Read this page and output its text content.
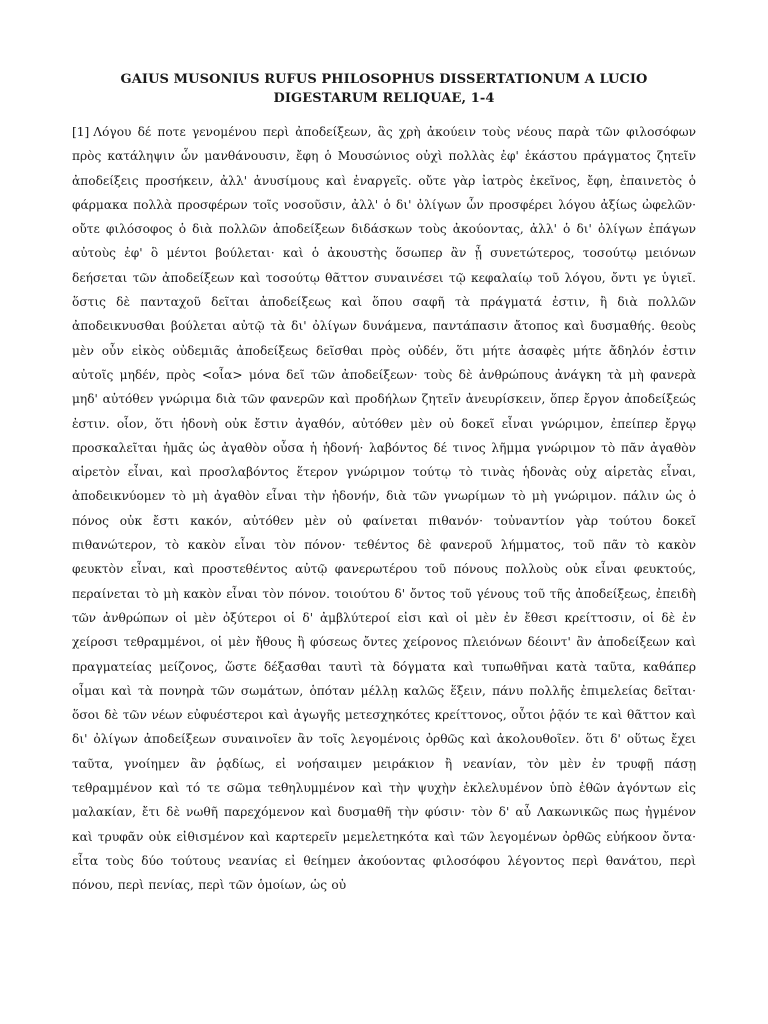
GAIUS MUSONIUS RUFUS PHILOSOPHUS DISSERTATIONUM A LUCIO DIGESTARUM RELIQUAE, 1-4

[1] Λόγου δέ ποτε γενομένου περὶ ἀποδείξεων, ἃς χρὴ ἀκούειν τοὺς νέους παρὰ τῶν φιλοσόφων πρὸς κατάληψιν ὧν μανθάνουσιν, ἔφη ὁ Μουσώνιος οὐχὶ πολλὰς ἐφ' ἑκάστου πράγματος ζητεῖν ἀποδείξεις προσήκειν, ἀλλ' ἀνυσίμους καὶ ἐναργεῖς. οὔτε γὰρ ἰατρὸς ἐκεῖνος, ἔφη, ἐπαινετὸς ὁ φάρμακα πολλὰ προσφέρων τοῖς νοσοῦσιν, ἀλλ' ὁ δι' ὀλίγων ὧν προσφέρει λόγου ἀξίως ὠφελῶν· οὔτε φιλόσοφος ὁ διὰ πολλῶν ἀποδείξεων διδάσκων τοὺς ἀκούοντας, ἀλλ' ὁ δι' ὀλίγων ἐπάγων αὐτοὺς ἐφ' ὃ μέντοι βούλεται· καὶ ὁ ἀκουστὴς ὅσωπερ ἂν ᾖ συνετώτερος, τοσούτῳ μειόνων δεήσεται τῶν ἀποδείξεων καὶ τοσούτῳ θᾶττον συναινέσει τῷ κεφαλαίῳ τοῦ λόγου, ὄντι γε ὑγιεῖ. ὅστις δὲ πανταχοῦ δεῖται ἀποδείξεως καὶ ὅπου σαφῆ τὰ πράγματά ἐστιν, ἢ διὰ πολλῶν ἀποδεικνυσθαι βούλεται αὐτῷ τὰ δι' ὀλίγων δυνάμενα, παντάπασιν ἄτοπος καὶ δυσμαθής. θεοὺς μὲν οὖν εἰκὸς οὐδεμιᾶς ἀποδείξεως δεῖσθαι πρὸς οὐδέν, ὅτι μήτε ἀσαφὲς μήτε ἄδηλόν ἐστιν αὐτοῖς μηδέν, πρὸς <οἷα> μόνα δεῖ τῶν ἀποδείξεων· τοὺς δὲ ἀνθρώπους ἀνάγκη τὰ μὴ φανερὰ μηδ' αὐτόθεν γνώριμα διὰ τῶν φανερῶν καὶ προδήλων ζητεῖν ἀνευρίσκειν, ὅπερ ἔργον ἀποδείξεώς ἐστιν. οἷον, ὅτι ἡδονὴ οὐκ ἔστιν ἀγαθόν, αὐτόθεν μὲν οὐ δοκεῖ εἶναι γνώριμον, ἐπείπερ ἔργῳ προσκαλεῖται ἡμᾶς ὡς ἀγαθὸν οὖσα ἡ ἡδονή· λαβόντος δέ τινος λῆμμα γνώριμον τὸ πᾶν ἀγαθὸν αἱρετὸν εἶναι, καὶ προσλαβόντος ἕτερον γνώριμον τούτῳ τὸ τινὰς ἡδονὰς οὐχ αἱρετὰς εἶναι, ἀποδεικνύομεν τὸ μὴ ἀγαθὸν εἶναι τὴν ἡδονήν, διὰ τῶν γνωρίμων τὸ μὴ γνώριμον. πάλιν ὡς ὁ πόνος οὐκ ἔστι κακόν, αὐτόθεν μὲν οὐ φαίνεται πιθανόν· τοὐναντίον γὰρ τούτου δοκεῖ πιθανώτερον, τὸ κακὸν εἶναι τὸν πόνον· τεθέντος δὲ φανεροῦ λήμματος, τοῦ πᾶν τὸ κακὸν φευκτὸν εἶναι, καὶ προστεθέντος αὐτῷ φανερωτέρου τοῦ πόνους πολλοὺς οὐκ εἶναι φευκτούς, περαίνεται τὸ μὴ κακὸν εἶναι τὸν πόνον. τοιούτου δ' ὄντος τοῦ γένους τοῦ τῆς ἀποδείξεως, ἐπειδὴ τῶν ἀνθρώπων οἱ μὲν ὀξύτεροι οἱ δ' ἀμβλύτεροί εἰσι καὶ οἱ μὲν ἐν ἔθεσι κρείττοσιν, οἱ δὲ ἐν χείροσι τεθραμμένοι, οἱ μὲν ἤθους ἢ φύσεως ὄντες χείρονος πλειόνων δέοιντ' ἂν ἀποδείξεων καὶ πραγματείας μείζονος, ὥστε δέξασθαι ταυτὶ τὰ δόγματα καὶ τυπωθῆναι κατὰ ταῦτα, καθάπερ οἶμαι καὶ τὰ πονηρὰ τῶν σωμάτων, ὁπόταν μέλλῃ καλῶς ἕξειν, πάνυ πολλῆς ἐπιμελείας δεῖται· ὅσοι δὲ τῶν νέων εὐφυέστεροι καὶ ἀγωγῆς μετεσχηκότες κρείττονος, οὗτοι ῥᾷόν τε καὶ θᾶττον καὶ δι' ὀλίγων ἀποδείξεων συναινοῖεν ἂν τοῖς λεγομένοις ὀρθῶς καὶ ἀκολουθοῖεν. ὅτι δ' οὕτως ἔχει ταῦτα, γνοίημεν ἂν ῥᾳδίως, εἰ νοήσαιμεν μειράκιον ἢ νεανίαν, τὸν μὲν ἐν τρυφῇ πάσῃ τεθραμμένον καὶ τό τε σῶμα τεθηλυμμένον καὶ τὴν ψυχὴν ἐκλελυμένον ὑπὸ ἐθῶν ἀγόντων εἰς μαλακίαν, ἔτι δὲ νωθῆ παρεχόμενον καὶ δυσμαθῆ τὴν φύσιν· τὸν δ' αὖ Λακωνικῶς πως ἠγμένον καὶ τρυφᾶν οὐκ εἰθισμένον καὶ καρτερεῖν μεμελετηκότα καὶ τῶν λεγομένων ὀρθῶς εὐήκοον ὄντα· εἶτα τοὺς δύο τούτους νεανίας εἰ θείημεν ἀκούοντας φιλοσόφου λέγοντος περὶ θανάτου, περὶ πόνου, περὶ πενίας, περὶ τῶν ὁμοίων, ὡς οὐ
